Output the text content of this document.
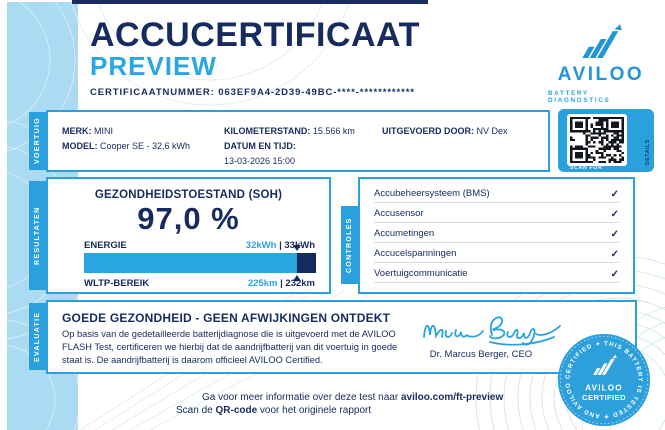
ACCUCERTIFICAAT
PREVIEW
CERTIFICAATNUMMER: 063EF9A4-2D39-49BC-****-************
AVILOO
BATTERY DIAGNOSTICS
VOERTUIG	MERK: MINI
MODEL: Cooper SE - 32,6 kWh
KILOMETERSTAND: 15.566 km
DATUM EN TIJD:
13-03-2026 15:00
UITGEVOERD DOOR: NV Dex
SCAN FOR
DETAILS
RESULTATEN
GEZONDHEIDSTOESTAND (SOH)
97,0 %
ENERGIE	32kWh | 33kWh
WLTP-BEREIK	225km | 232km
CONTROLES
Accubeheersysteem (BMS)	✓
Accusensor	✓
Accumetingen	✓
Accucelspanningen	✓
Voertuigcommunicatie	✓
EVALUATIE	GOEDE GEZONDHEID - GEEN AFWIJKINGEN ONTDEKT
Op basis van de gedetailleerde batterijdiagnose die is uitgevoerd met de AVILOO FLASH Test, certificeren we hierbij dat de aandrijfbatterij van dit voertuig in goede staat is. De aandrijfbatterij is daarom officieel AVILOO Certified.	Dr. Marcus Berger, CEO
THIS BATTERY IS TESTED ✦ AND AVILOO CERTIFIED ✦
AVILOO
CERTIFIED
Ga voor meer informatie over deze test naar aviloo.com/ft-preview
Scan de QR-code voor het originele rapport
